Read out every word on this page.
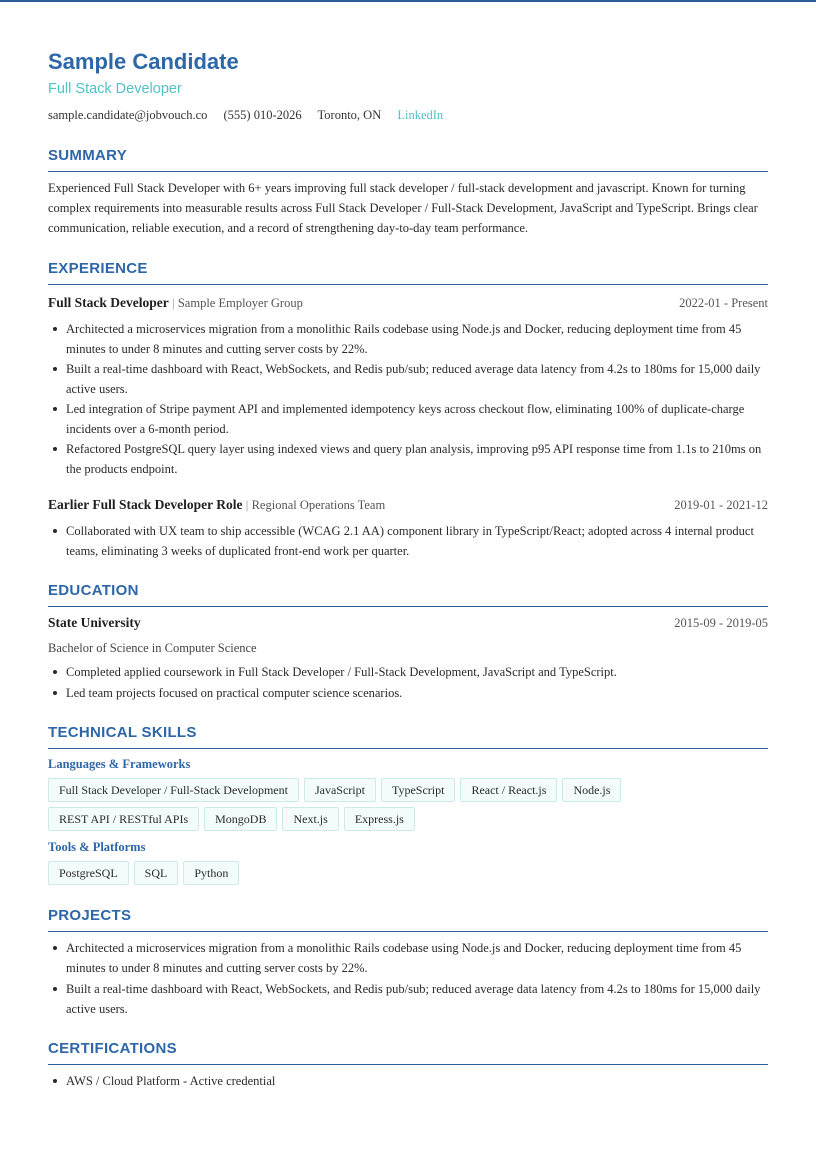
Sample Candidate
Full Stack Developer
sample.candidate@jobvouch.co (555) 010-2026 Toronto, ON LinkedIn
SUMMARY
Experienced Full Stack Developer with 6+ years improving full stack developer / full-stack development and javascript. Known for turning complex requirements into measurable results across Full Stack Developer / Full-Stack Development, JavaScript and TypeScript. Brings clear communication, reliable execution, and a record of strengthening day-to-day team performance.
EXPERIENCE
Full Stack Developer | Sample Employer Group	2022-01 - Present
Architected a microservices migration from a monolithic Rails codebase using Node.js and Docker, reducing deployment time from 45 minutes to under 8 minutes and cutting server costs by 22%.
Built a real-time dashboard with React, WebSockets, and Redis pub/sub; reduced average data latency from 4.2s to 180ms for 15,000 daily active users.
Led integration of Stripe payment API and implemented idempotency keys across checkout flow, eliminating 100% of duplicate-charge incidents over a 6-month period.
Refactored PostgreSQL query layer using indexed views and query plan analysis, improving p95 API response time from 1.1s to 210ms on the products endpoint.
Earlier Full Stack Developer Role | Regional Operations Team	2019-01 - 2021-12
Collaborated with UX team to ship accessible (WCAG 2.1 AA) component library in TypeScript/React; adopted across 4 internal product teams, eliminating 3 weeks of duplicated front-end work per quarter.
EDUCATION
State University	2015-09 - 2019-05
Bachelor of Science in Computer Science
Completed applied coursework in Full Stack Developer / Full-Stack Development, JavaScript and TypeScript.
Led team projects focused on practical computer science scenarios.
TECHNICAL SKILLS
Languages & Frameworks
Full Stack Developer / Full-Stack Development	JavaScript	TypeScript	React / React.js	Node.js
REST API / RESTful APIs	MongoDB	Next.js	Express.js
Tools & Platforms
PostgreSQL	SQL	Python
PROJECTS
Architected a microservices migration from a monolithic Rails codebase using Node.js and Docker, reducing deployment time from 45 minutes to under 8 minutes and cutting server costs by 22%.
Built a real-time dashboard with React, WebSockets, and Redis pub/sub; reduced average data latency from 4.2s to 180ms for 15,000 daily active users.
CERTIFICATIONS
AWS / Cloud Platform - Active credential
